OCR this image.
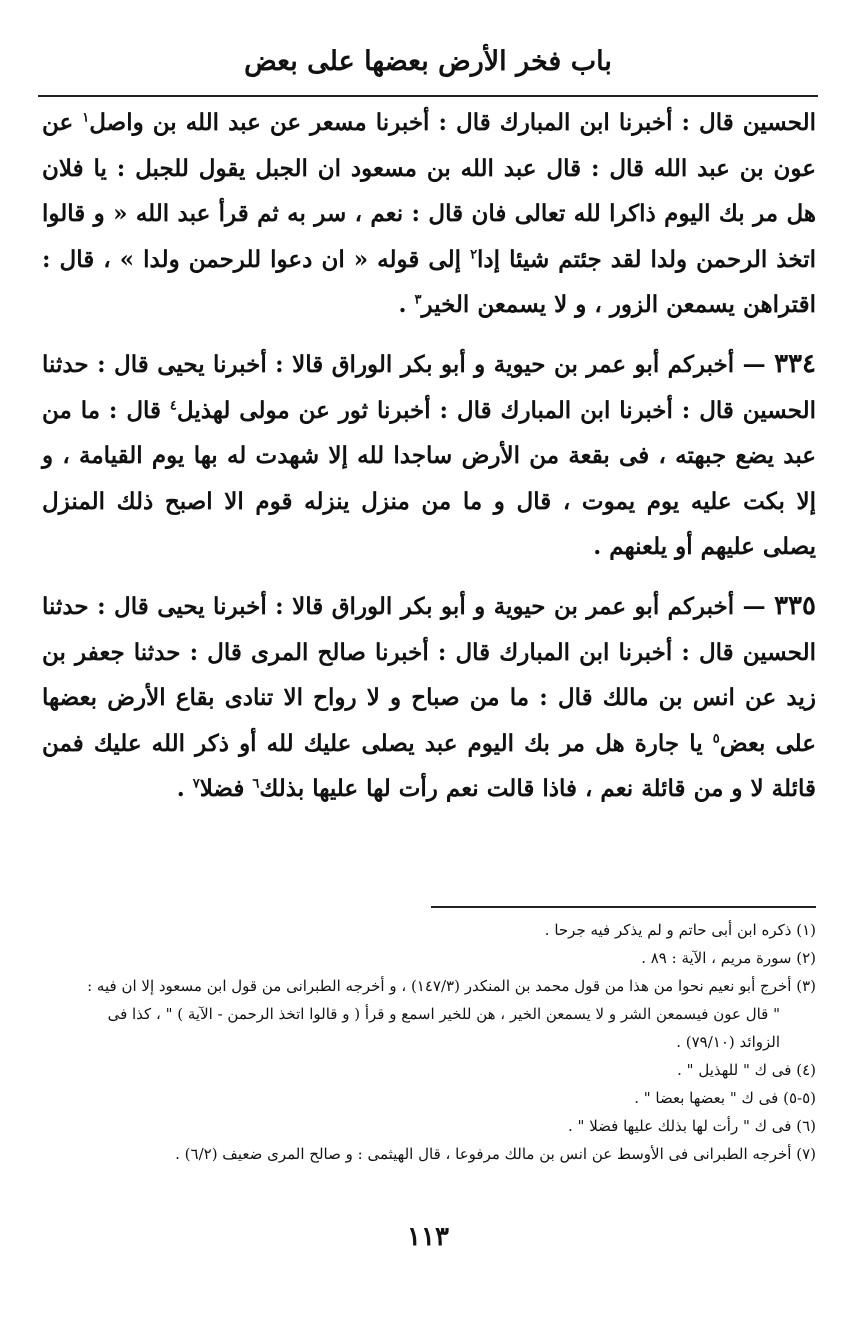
باب فخر الأرض بعضها على بعض

الحسين قال : أخبرنا ابن المبارك قال : أخبرنا مسعر عن عبد الله بن واصل$^١$ عن عون بن عبد الله قال : قال عبد الله بن مسعود ان الجبل يقول للجبل : يا فلان هل مر بك اليوم ذاكرا لله تعالى فان قال : نعم ، سر به ثم قرأ عبد الله « و قالوا اتخذ الرحمن ولدا لقد جئتم شيئا إدا$^٢$ إلى قوله « ان دعوا للرحمن ولدا » ، قال : اقتراهن يسمعن الزور ، و لا يسمعن الخير$^٣$ .

٣٣٤ — أخبركم أبو عمر بن حيوية و أبو بكر الوراق قالا : أخبرنا يحيى قال : حدثنا الحسين قال : أخبرنا ابن المبارك قال : أخبرنا ثور عن مولى لهذيل$^٤$ قال : ما من عبد يضع جبهته ، فى بقعة من الأرض ساجدا لله إلا شهدت له بها يوم القيامة ، و إلا بكت عليه يوم يموت ، قال و ما من منزل ينزله قوم الا اصبح ذلك المنزل يصلى عليهم أو يلعنهم .

٣٣٥ — أخبركم أبو عمر بن حيوية و أبو بكر الوراق قالا : أخبرنا يحيى قال : حدثنا الحسين قال : أخبرنا ابن المبارك قال : أخبرنا صالح المرى قال : حدثنا جعفر بن زيد عن انس بن مالك قال : ما من صباح و لا رواح الا تنادى بقاع الأرض بعضها على بعض$^٥$ يا جارة هل مر بك اليوم عبد يصلى عليك لله أو ذكر الله عليك فمن قائلة لا و من قائلة نعم ، فاذا قالت نعم رأت لها عليها بذلك$^٦$ فضلا$^٧$ .

(١) ذكره ابن أبى حاتم و لم يذكر فيه جرحا .
(٢) سورة مريم ، الآية : ٨٩ .
(٣) أخرج أبو نعيم نحوا من هذا من قول محمد بن المنكدر (١٤٧/٣) ، و أخرجه الطبرانى من قول ابن مسعود إلا ان فيه :
" قال عون فيسمعن الشر و لا يسمعن الخير ، هن للخير اسمع و قرأ ( و قالوا اتخذ الرحمن - الآية ) " ، كذا فى
الزوائد (٧٩/١٠) .
(٤) فى ك " للهذيل " .
(٥-٥) فى ك " بعضها بعضا " .
(٦) فى ك " رأت لها بذلك عليها فضلا " .
(٧) أخرجه الطبرانى فى الأوسط عن انس بن مالك مرفوعا ، قال الهيثمى : و صالح المرى ضعيف (٦/٢) .
١١٣
